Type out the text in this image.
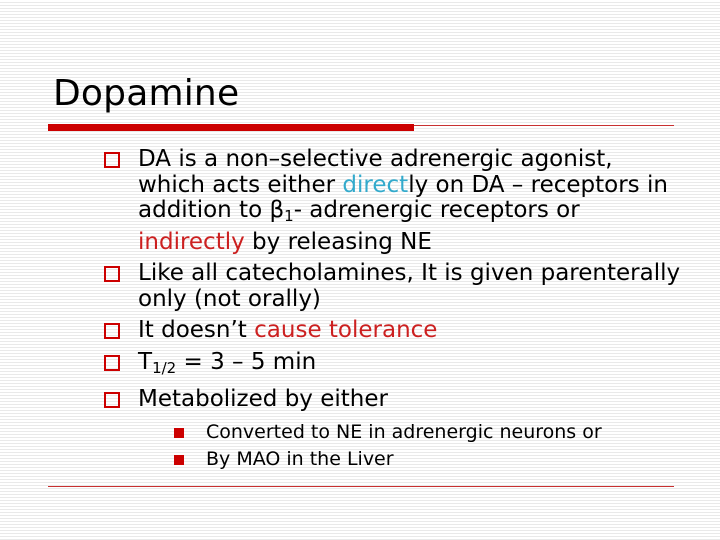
Dopamine
DA is a non–selective adrenergic agonist, which acts either directly on DA – receptors in addition to $\beta_1-$ adrenergic receptors or indirectly by releasing NE
Like all catecholamines, It is given parenterally only (not orally)
It doesn’t cause tolerance
$T_{1/2} = 3 - 5$ min
Metabolized by either
Converted to NE in adrenergic neurons or
By MAO in the Liver
